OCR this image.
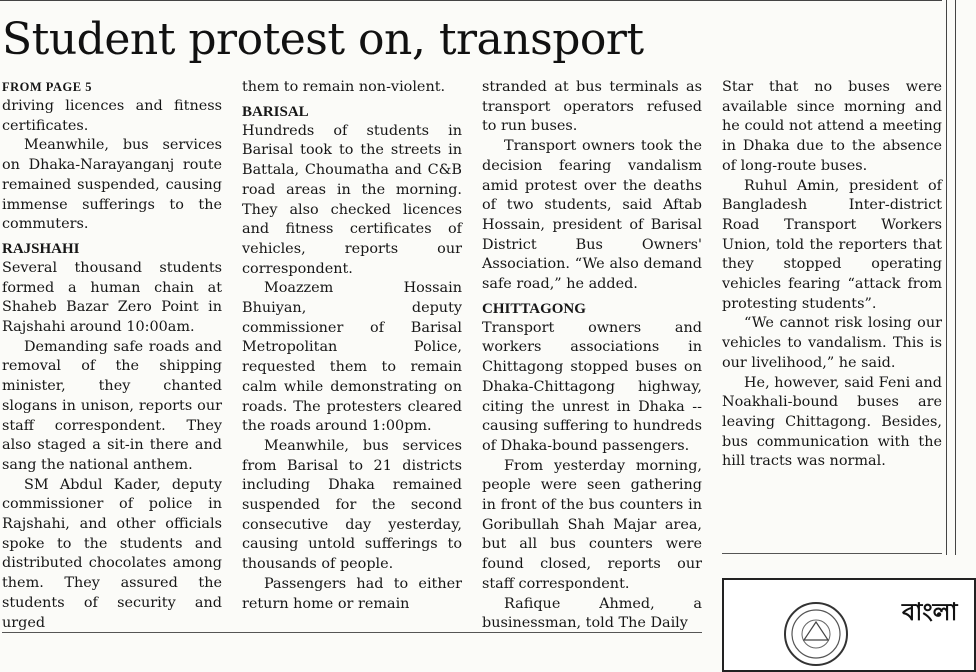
Student protest on, transport

FROM PAGE 5

driving licences and fitness certificates.

Meanwhile, bus services on Dhaka-Narayanganj route remained suspended, causing immense sufferings to the commuters.

RAJSHAHI

Several thousand students formed a human chain at Shaheb Bazar Zero Point in Rajshahi around 10:00am.

Demanding safe roads and removal of the shipping minister, they chanted slogans in unison, reports our staff correspondent. They also staged a sit-in there and sang the national anthem.

SM Abdul Kader, deputy commissioner of police in Rajshahi, and other officials spoke to the students and distributed chocolates among them. They assured the students of security and urged

them to remain non-violent.

BARISAL

Hundreds of students in Barisal took to the streets in Battala, Choumatha and C&B road areas in the morning. They also checked licences and fitness certificates of vehicles, reports our correspondent.

Moazzem Hossain Bhuiyan, deputy commissioner of Barisal Metropolitan Police, requested them to remain calm while demonstrating on roads. The protesters cleared the roads around 1:00pm.

Meanwhile, bus services from Barisal to 21 districts including Dhaka remained suspended for the second consecutive day yesterday, causing untold sufferings to thousands of people.

Passengers had to either return home or remain

stranded at bus terminals as transport operators refused to run buses.

Transport owners took the decision fearing vandalism amid protest over the deaths of two students, said Aftab Hossain, president of Barisal District Bus Owners' Association. “We also demand safe road,” he added.

CHITTAGONG

Transport owners and workers associations in Chittagong stopped buses on Dhaka-Chittagong highway, citing the unrest in Dhaka -- causing suffering to hundreds of Dhaka-bound passengers.

From yesterday morning, people were seen gathering in front of the bus counters in Goribullah Shah Majar area, but all bus counters were found closed, reports our staff correspondent.

Rafique Ahmed, a businessman, told The Daily

Star that no buses were available since morning and he could not attend a meeting in Dhaka due to the absence of long-route buses.

Ruhul Amin, president of Bangladesh Inter-district Road Transport Workers Union, told the reporters that they stopped operating vehicles fearing “attack from protesting students”.

“We cannot risk losing our vehicles to vandalism. This is our livelihood,” he said.

He, however, said Feni and Noakhali-bound buses are leaving Chittagong. Besides, bus communication with the hill tracts was normal.

বাংলা
